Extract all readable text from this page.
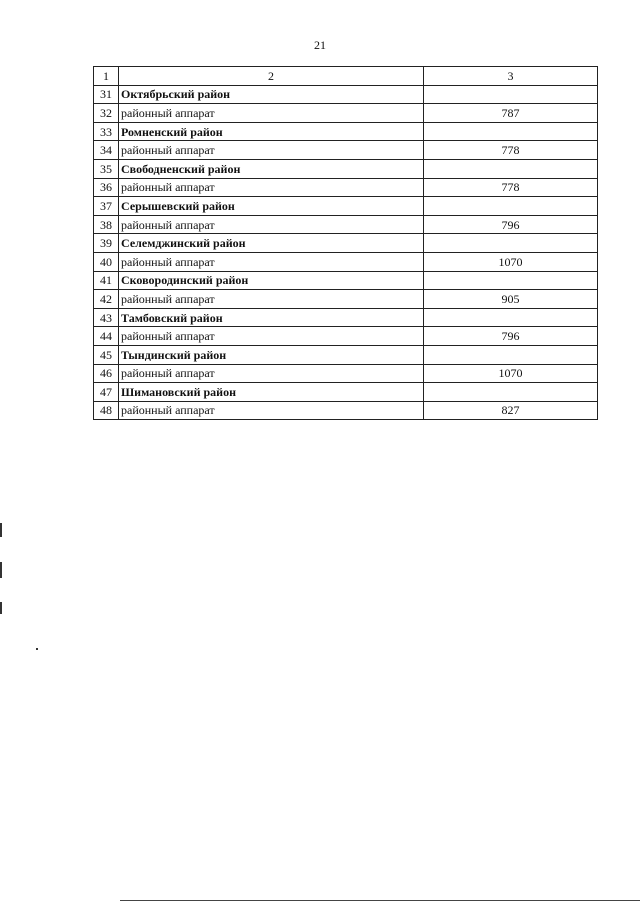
21
1	2	3
31	Октябрьский район	
32	районный аппарат	787
33	Ромненский район	
34	районный аппарат	778
35	Свободненский район	
36	районный аппарат	778
37	Серышевский район	
38	районный аппарат	796
39	Селемджинский район	
40	районный аппарат	1070
41	Сковородинский район	
42	районный аппарат	905
43	Тамбовский район	
44	районный аппарат	796
45	Тындинский район	
46	районный аппарат	1070
47	Шимановский район	
48	районный аппарат	827
